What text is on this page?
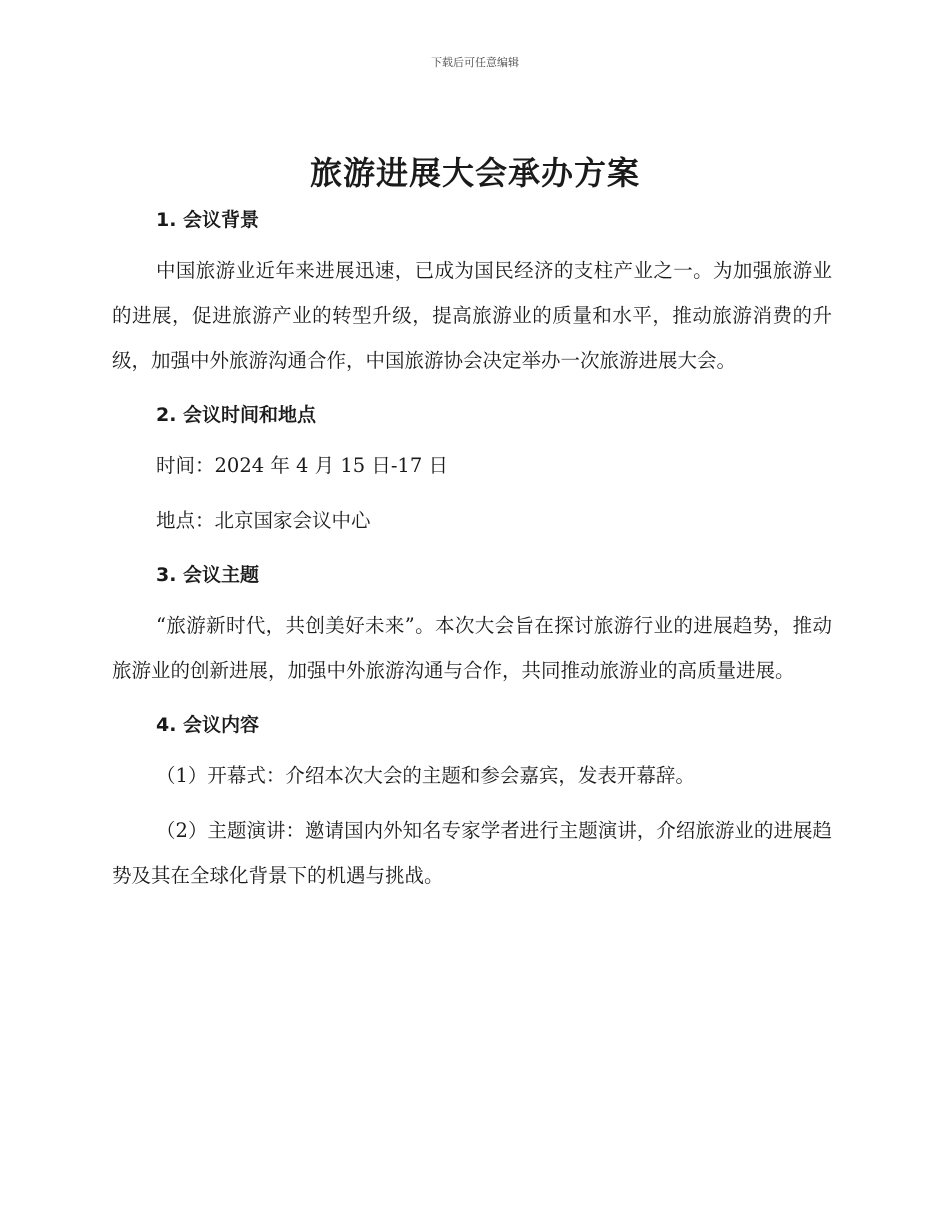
下载后可任意编辑
旅游进展大会承办方案
1. 会议背景

中国旅游业近年来进展迅速，已成为国民经济的支柱产业之一。为加强旅游业的进展，促进旅游产业的转型升级，提高旅游业的质量和水平，推动旅游消费的升级，加强中外旅游沟通合作，中国旅游协会决定举办一次旅游进展大会。

2. 会议时间和地点

时间：2024 年 4 月 15 日-17 日

地点：北京国家会议中心

3. 会议主题

“旅游新时代，共创美好未来”。本次大会旨在探讨旅游行业的进展趋势，推动旅游业的创新进展，加强中外旅游沟通与合作，共同推动旅游业的高质量进展。

4. 会议内容

（1）开幕式：介绍本次大会的主题和参会嘉宾，发表开幕辞。

（2）主题演讲：邀请国内外知名专家学者进行主题演讲，介绍旅游业的进展趋势及其在全球化背景下的机遇与挑战。
